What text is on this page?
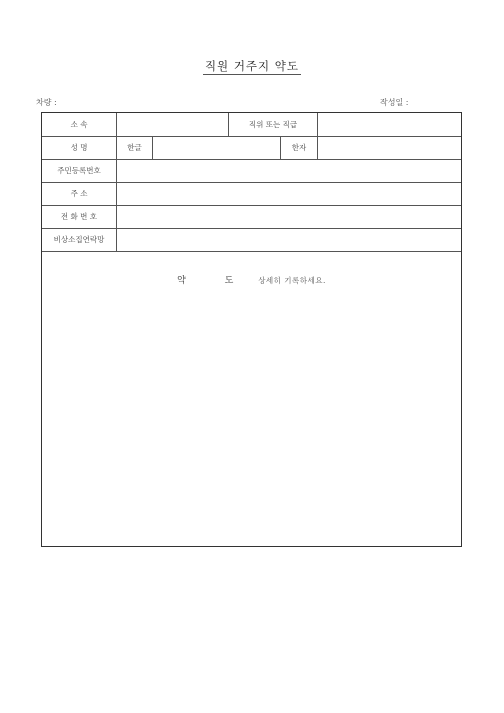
직원 거주지 약도
차량 :	작성일 :
소 속	직위 또는 직급
성 명	한글	한자
주민등록번호
주 소
전 화 번 호
비상소집연락망
약 도 상세히 기록하세요.
